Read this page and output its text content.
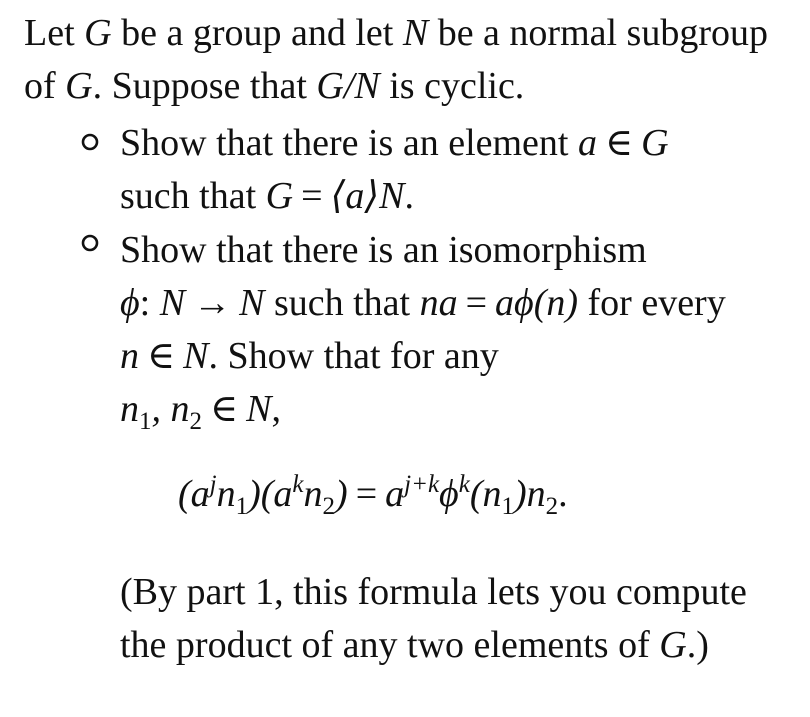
Let G be a group and let N be a normal subgroup of G. Suppose that G/N is cyclic.
Show that there is an element a ∈ G
such that G = ⟨a⟩N.
Show that there is an isomorphism
ϕ: N → N such that na = aϕ(n) for every n ∈ N. Show that for any
$n_1$, $n_2$ ∈ N,
$(a^jn_1)(a^kn_2) = a^{j+k}\phi^k(n_1)n_2$.
(By part 1, this formula lets you compute the product of any two elements of G.)
